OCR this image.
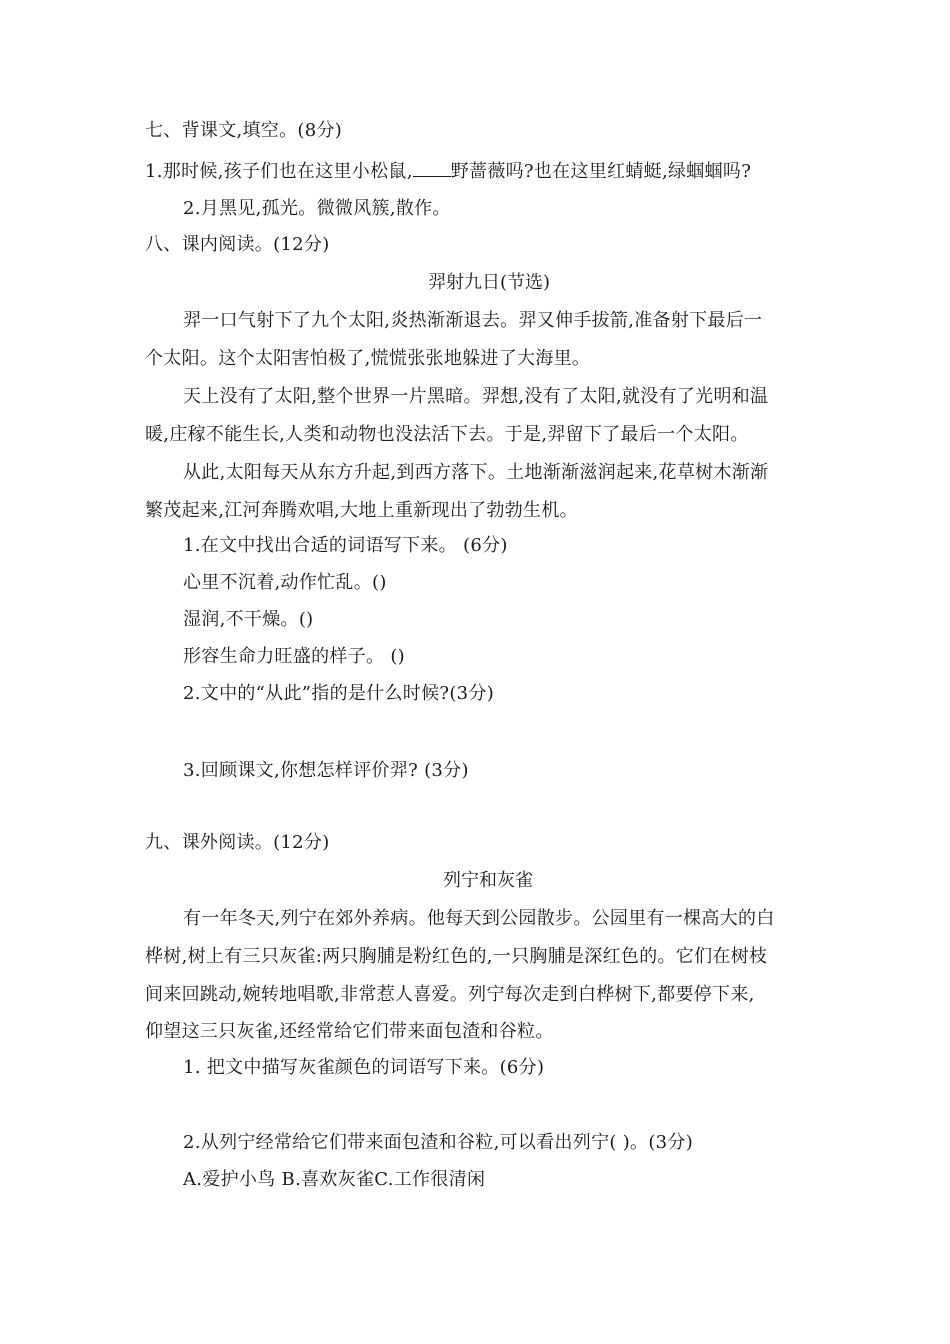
七、背课文,填空。(8分)
1.那时候,孩子们也在这里小松鼠, 野蔷薇吗?也在这里红蜻蜓,绿蝈蝈吗?
2.月黑见,孤光。微微风簇,散作。
八、课内阅读。(12分)
羿射九日(节选)
羿一口气射下了九个太阳,炎热渐渐退去。羿又伸手拔箭,准备射下最后一
个太阳。这个太阳害怕极了,慌慌张张地躲进了大海里。
天上没有了太阳,整个世界一片黑暗。羿想,没有了太阳,就没有了光明和温
暖,庄稼不能生长,人类和动物也没法活下去。于是,羿留下了最后一个太阳。
从此,太阳每天从东方升起,到西方落下。土地渐渐滋润起来,花草树木渐渐
繁茂起来,江河奔腾欢唱,大地上重新现出了勃勃生机。
1.在文中找出合适的词语写下来。 (6分)
心里不沉着,动作忙乱。()
湿润,不干燥。()
形容生命力旺盛的样子。 ()
2.文中的“从此”指的是什么时候?(3分)
3.回顾课文,你想怎样评价羿? (3分)
九、课外阅读。(12分)
列宁和灰雀
有一年冬天,列宁在郊外养病。他每天到公园散步。公园里有一棵高大的白
桦树,树上有三只灰雀:两只胸脯是粉红色的,一只胸脯是深红色的。它们在树枝
间来回跳动,婉转地唱歌,非常惹人喜爱。列宁每次走到白桦树下,都要停下来,
仰望这三只灰雀,还经常给它们带来面包渣和谷粒。
1. 把文中描写灰雀颜色的词语写下来。(6分)
2.从列宁经常给它们带来面包渣和谷粒,可以看出列宁( )。(3分)
A.爱护小鸟 B.喜欢灰雀C.工作很清闲
